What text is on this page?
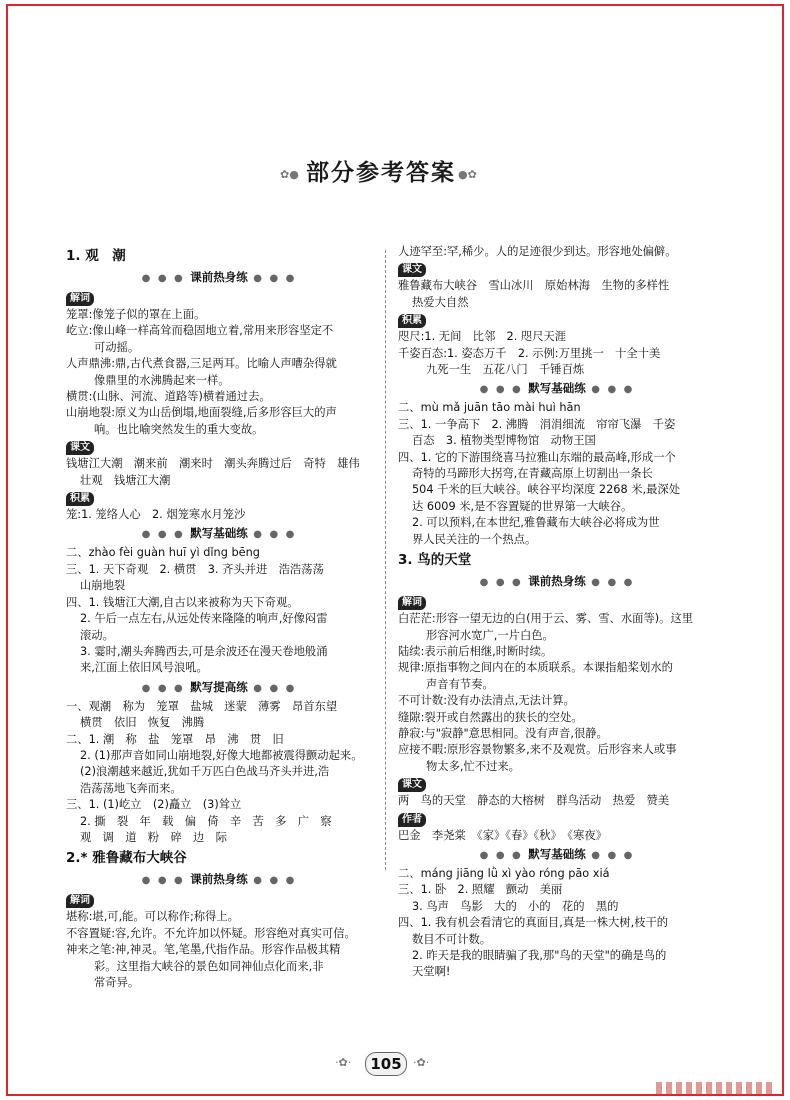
✿● 部分参考答案 ●✿
1. 观　潮
● ● ● 课前热身练 ● ● ●
解词
笼罩:像笼子似的罩在上面。
屹立:像山峰一样高耸而稳固地立着,常用来形容坚定不
可动摇。
人声鼎沸:鼎,古代煮食器,三足两耳。比喻人声嘈杂得就
像鼎里的水沸腾起来一样。
横贯:(山脉、河流、道路等)横着通过去。
山崩地裂:原义为山岳倒塌,地面裂缝,后多形容巨大的声
响。也比喻突然发生的重大变故。
课文
钱塘江大潮　潮来前　潮来时　潮头奔腾过后　奇特　雄伟
壮观　钱塘江大潮
积累
笼:1. 笼络人心　2. 烟笼寒水月笼沙
● ● ● 默写基础练 ● ● ●
二、zhào fèi guàn huī yì dǐng bēng
三、1. 天下奇观　2. 横贯　3. 齐头并进　浩浩荡荡
山崩地裂
四、1. 钱塘江大潮,自古以来被称为天下奇观。
2. 午后一点左右,从远处传来隆隆的响声,好像闷雷
滚动。
3. 霎时,潮头奔腾西去,可是余波还在漫天卷地般涌
来,江面上依旧风号浪吼。
● ● ● 默写提高练 ● ● ●
一、观潮　称为　笼罩　盐城　迷蒙　薄雾　昂首东望
横贯　依旧　恢复　沸腾
二、1. 潮　称　盐　笼罩　昂　沸　贯　旧
2. (1)那声音如同山崩地裂,好像大地都被震得颤动起来。
(2)浪潮越来越近,犹如千万匹白色战马齐头并进,浩
浩荡荡地飞奔而来。
三、1. (1)屹立　(2)矗立　(3)耸立
2. 撕　裂　年　载　偏　倚　辛　苦　多　广　察
观　调　道　粉　碎　边　际
2.* 雅鲁藏布大峡谷
● ● ● 课前热身练 ● ● ●
解词
堪称:堪,可,能。可以称作;称得上。
不容置疑:容,允许。不允许加以怀疑。形容绝对真实可信。
神来之笔:神,神灵。笔,笔墨,代指作品。形容作品极其精
彩。这里指大峡谷的景色如同神仙点化而来,非
常奇异。
人迹罕至:罕,稀少。人的足迹很少到达。形容地处偏僻。
课文
雅鲁藏布大峡谷　雪山冰川　原始林海　生物的多样性
热爱大自然
积累
咫尺:1. 无间　比邻　2. 咫尺天涯
千姿百态:1. 姿态万千　2. 示例:万里挑一　十全十美
九死一生　五花八门　千锤百炼
● ● ● 默写基础练 ● ● ●
二、mù mǎ juān tāo mài huì hān
三、1. 一争高下　2. 沸腾　涓涓细流　帘帘飞瀑　千姿
百态　3. 植物类型博物馆　动物王国
四、1. 它的下游围绕喜马拉雅山东端的最高峰,形成一个
奇特的马蹄形大拐弯,在青藏高原上切割出一条长
504 千米的巨大峡谷。峡谷平均深度 2268 米,最深处
达 6009 米,是不容置疑的世界第一大峡谷。
2. 可以预料,在本世纪,雅鲁藏布大峡谷必将成为世
界人民关注的一个热点。
3. 鸟的天堂
● ● ● 课前热身练 ● ● ●
解词
白茫茫:形容一望无边的白(用于云、雾、雪、水面等)。这里
形容河水宽广,一片白色。
陆续:表示前后相继,时断时续。
规律:原指事物之间内在的本质联系。本课指船桨划水的
声音有节奏。
不可计数:没有办法清点,无法计算。
缝隙:裂开或自然露出的狭长的空处。
静寂:与"寂静"意思相同。没有声音,很静。
应接不暇:原形容景物繁多,来不及观赏。后形容来人或事
物太多,忙不过来。
课文
两　鸟的天堂　静态的大榕树　群鸟活动　热爱　赞美
作者
巴金　李尧棠　《家》《春》《秋》　《寒夜》
● ● ● 默写基础练 ● ● ●
二、máng jiāng lǜ xì yào róng pāo xiá
三、1. 卧　2. 照耀　颤动　美丽
3. 鸟声　鸟影　大的　小的　花的　黑的
四、1. 我有机会看清它的真面目,真是一株大树,枝干的
数目不可计数。
2. 昨天是我的眼睛骗了我,那"鸟的天堂"的确是鸟的
天堂啊!
·✿·	105	·✿·
